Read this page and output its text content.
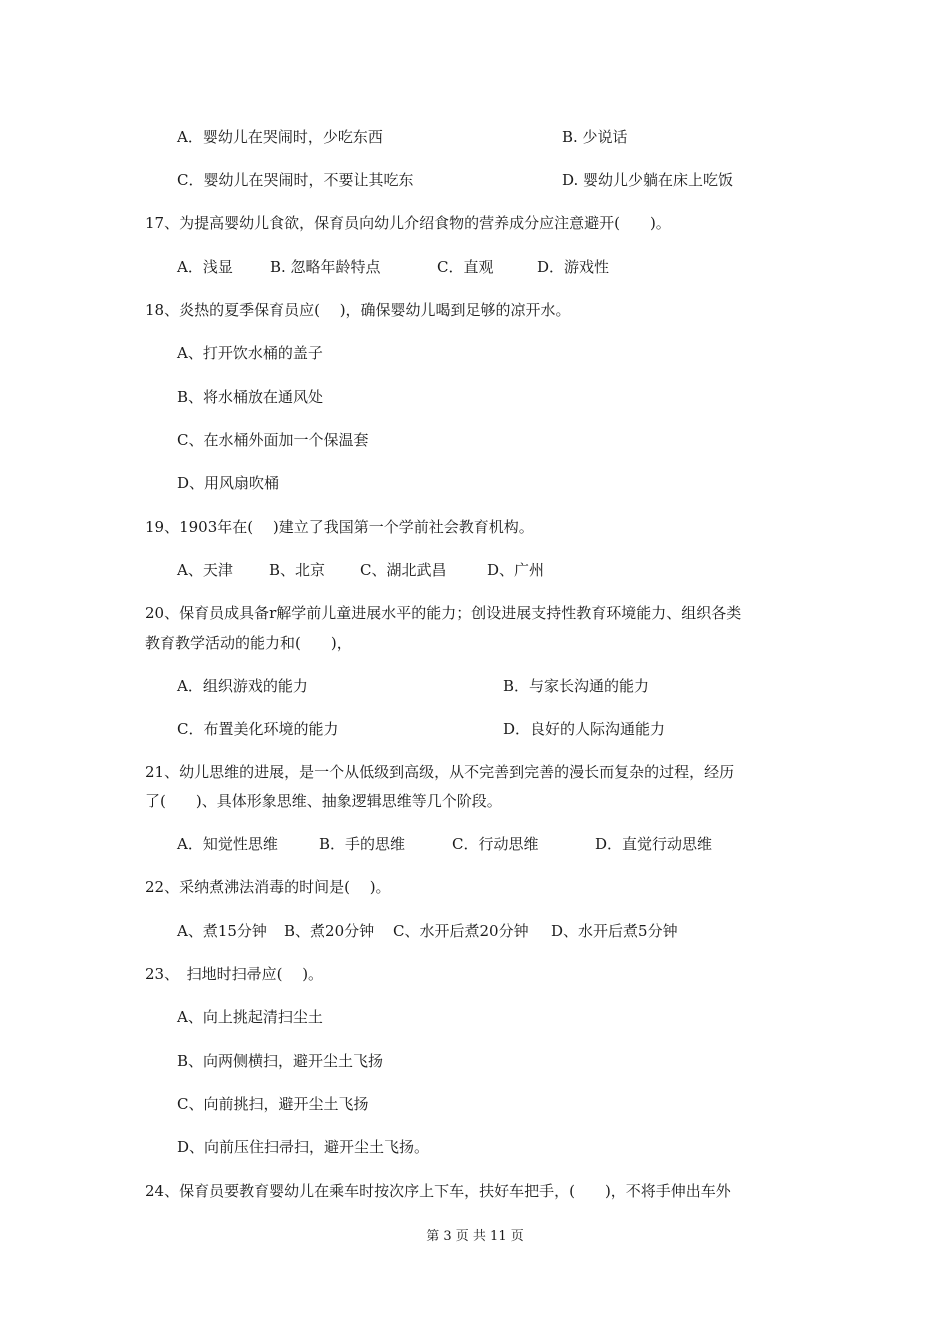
A．婴幼儿在哭闹时，少吃东西	B. 少说话
C．婴幼儿在哭闹时，不要让其吃东	D. 婴幼儿少躺在床上吃饭
17、为提高婴幼儿食欲，保育员向幼儿介绍食物的营养成分应注意避开(　　)。
A．浅显 B. 忽略年龄特点	C．直观	D．游戏性
18、炎热的夏季保育员应(　 )，确保婴幼儿喝到足够的凉开水。
A、打开饮水桶的盖子
B、将水桶放在通风处
C、在水桶外面加一个保温套
D、用风扇吹桶
19、1903年在(　 )建立了我国第一个学前社会教育机构。
A、天津 B、北京 C、湖北武昌	D、广州
20、保育员成具备r解学前儿童进展水平的能力；创设进展支持性教育环境能力、组织各类
教育教学活动的能力和(　　)，
A．组织游戏的能力	B．与家长沟通的能力
C．布置美化环境的能力	D．良好的人际沟通能力
21、幼儿思维的进展，是一个从低级到高级，从不完善到完善的漫长而复杂的过程，经历
了(　　)、具体形象思维、抽象逻辑思维等几个阶段。
A．知觉性思维	B．手的思维	C．行动思维	D．直觉行动思维
22、采纳煮沸法消毒的时间是(　 )。
A、煮15分钟 B、煮20分钟 C、水开后煮20分钟 D、水开后煮5分钟
23、　扫地时扫帚应(　 )。
A、向上挑起清扫尘土
B、向两侧横扫，避开尘土飞扬
C、向前挑扫，避开尘土飞扬
D、向前压住扫帚扫，避开尘土飞扬。
24、保育员要教育婴幼儿在乘车时按次序上下车，扶好车把手，(　　)，不将手伸出车外
第 3 页 共 11 页
